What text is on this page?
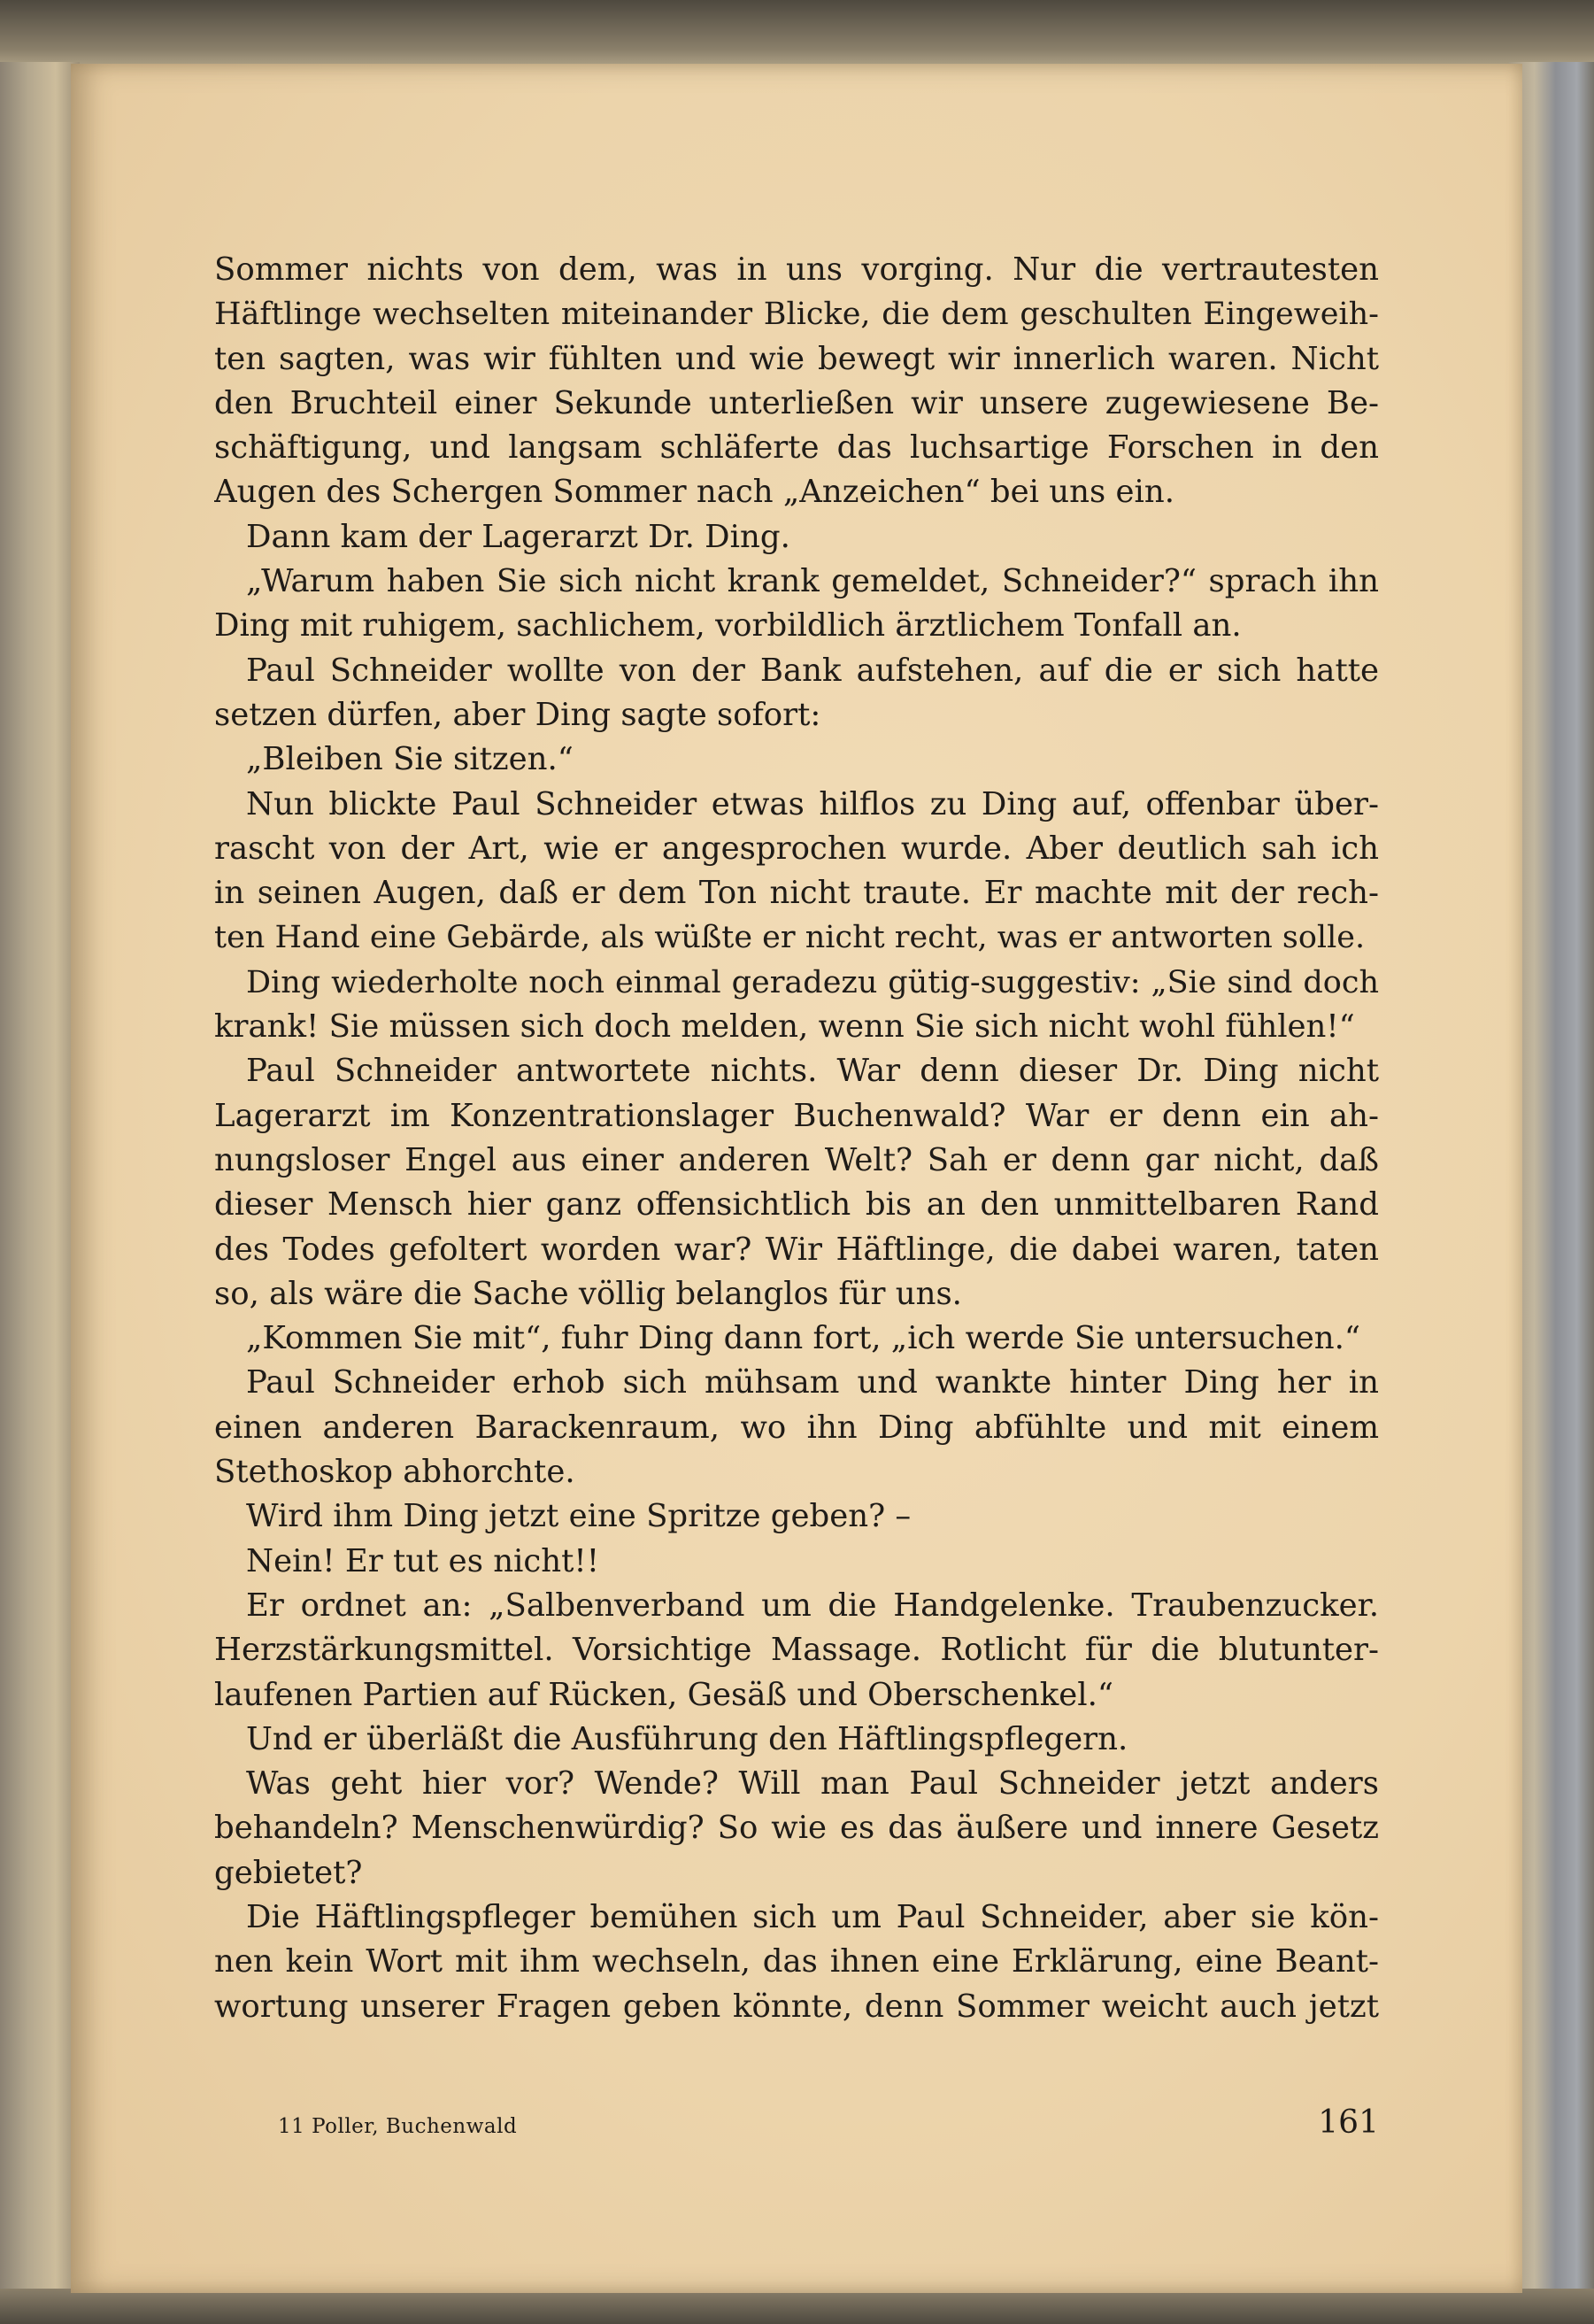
Sommer nichts von dem, was in uns vorging. Nur die vertrautesten
Häftlinge wechselten miteinander Blicke, die dem geschulten Eingeweih-
ten sagten, was wir fühlten und wie bewegt wir innerlich waren. Nicht
den Bruchteil einer Sekunde unterließen wir unsere zugewiesene Be-
schäftigung, und langsam schläferte das luchsartige Forschen in den
Augen des Schergen Sommer nach „Anzeichen“ bei uns ein.
Dann kam der Lagerarzt Dr. Ding.
„Warum haben Sie sich nicht krank gemeldet, Schneider?“ sprach ihn
Ding mit ruhigem, sachlichem, vorbildlich ärztlichem Tonfall an.
Paul Schneider wollte von der Bank aufstehen, auf die er sich hatte
setzen dürfen, aber Ding sagte sofort:
„Bleiben Sie sitzen.“
Nun blickte Paul Schneider etwas hilflos zu Ding auf, offenbar über-
rascht von der Art, wie er angesprochen wurde. Aber deutlich sah ich
in seinen Augen, daß er dem Ton nicht traute. Er machte mit der rech-
ten Hand eine Gebärde, als wüßte er nicht recht, was er antworten solle.
Ding wiederholte noch einmal geradezu gütig-suggestiv: „Sie sind doch
krank! Sie müssen sich doch melden, wenn Sie sich nicht wohl fühlen!“
Paul Schneider antwortete nichts. War denn dieser Dr. Ding nicht
Lagerarzt im Konzentrationslager Buchenwald? War er denn ein ah-
nungsloser Engel aus einer anderen Welt? Sah er denn gar nicht, daß
dieser Mensch hier ganz offensichtlich bis an den unmittelbaren Rand
des Todes gefoltert worden war? Wir Häftlinge, die dabei waren, taten
so, als wäre die Sache völlig belanglos für uns.
„Kommen Sie mit“, fuhr Ding dann fort, „ich werde Sie untersuchen.“
Paul Schneider erhob sich mühsam und wankte hinter Ding her in
einen anderen Barackenraum, wo ihn Ding abfühlte und mit einem
Stethoskop abhorchte.
Wird ihm Ding jetzt eine Spritze geben? –
Nein! Er tut es nicht!!
Er ordnet an: „Salbenverband um die Handgelenke. Traubenzucker.
Herzstärkungsmittel. Vorsichtige Massage. Rotlicht für die blutunter-
laufenen Partien auf Rücken, Gesäß und Oberschenkel.“
Und er überläßt die Ausführung den Häftlingspflegern.
Was geht hier vor? Wende? Will man Paul Schneider jetzt anders
behandeln? Menschenwürdig? So wie es das äußere und innere Gesetz
gebietet?
Die Häftlingspfleger bemühen sich um Paul Schneider, aber sie kön-
nen kein Wort mit ihm wechseln, das ihnen eine Erklärung, eine Beant-
wortung unserer Fragen geben könnte, denn Sommer weicht auch jetzt
11 Poller, Buchenwald	161
